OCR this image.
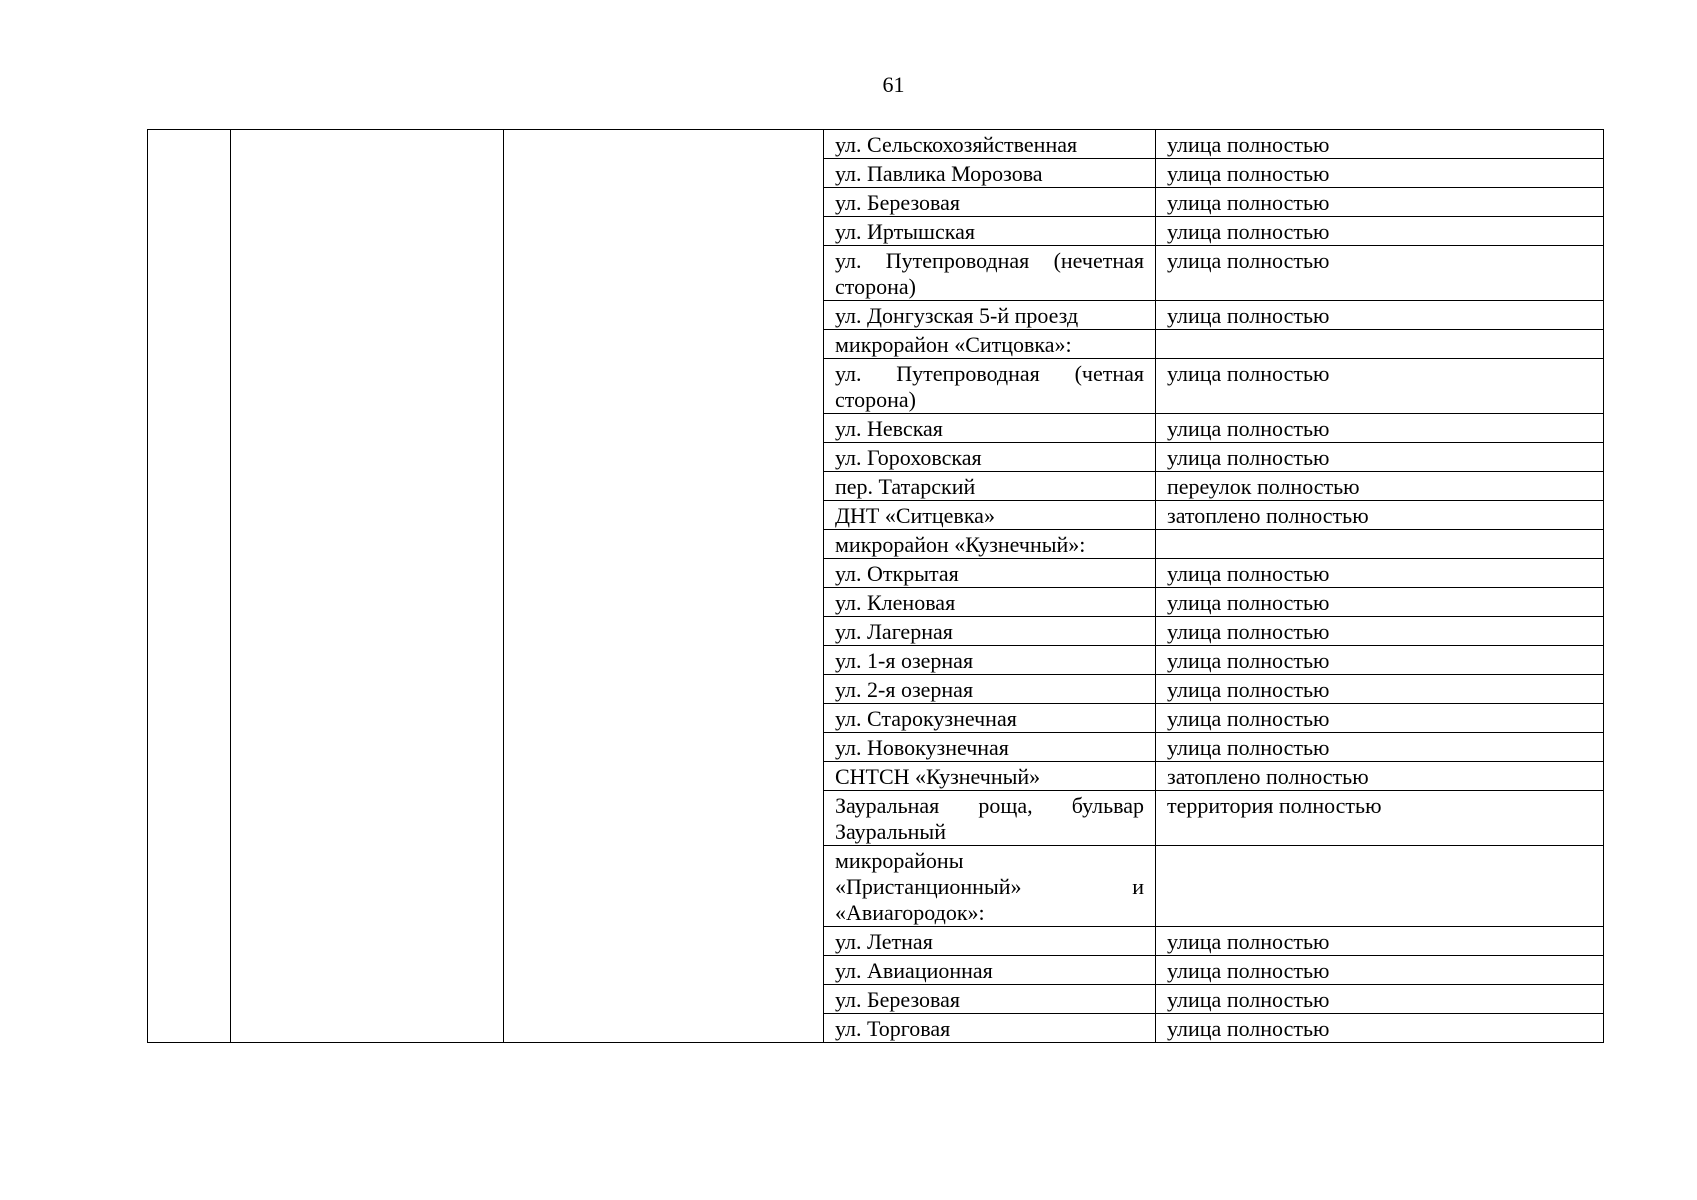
61
			ул. Сельскохозяйственная	улица полностью
			ул. Павлика Морозова	улица полностью
			ул. Березовая	улица полностью
			ул. Иртышская	улица полностью
			ул. Путепроводная (нечетная сторона)	улица полностью
			ул. Донгузская 5-й проезд	улица полностью
			микрорайон «Ситцовка»:	
			ул. Путепроводная (четная сторона)	улица полностью
			ул. Невская	улица полностью
			ул. Гороховская	улица полностью
			пер. Татарский	переулок полностью
			ДНТ «Ситцевка»	затоплено полностью
			микрорайон «Кузнечный»:	
			ул. Открытая	улица полностью
			ул. Кленовая	улица полностью
			ул. Лагерная	улица полностью
			ул. 1-я озерная	улица полностью
			ул. 2-я озерная	улица полностью
			ул. Старокузнечная	улица полностью
			ул. Новокузнечная	улица полностью
			СНТСН «Кузнечный»	затоплено полностью
			Зауральная роща, бульвар Зауральный	территория полностью
			микрорайоны «Пристанционный» и «Авиагородок»:	
			ул. Летная	улица полностью
			ул. Авиационная	улица полностью
			ул. Березовая	улица полностью
			ул. Торговая	улица полностью
